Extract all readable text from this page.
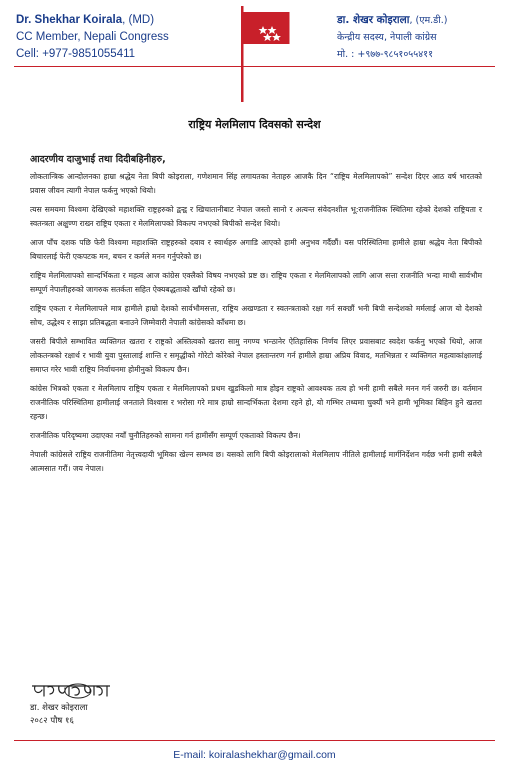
Dr. Shekhar Koirala, (MD)
CC Member, Nepali Congress
Cell: +977-9851055411
डा. शेखर कोइराला, (एम.डी.)
केन्द्रीय सदस्य, नेपाली कांग्रेस
मो. : +९७७-९८५१०५५४११
राष्ट्रिय मेलमिलाप दिवसको सन्देश

आदरणीय दाजुभाई तथा दिदीबहिनीहरु,

लोकतान्त्रिक आन्दोलनका हाम्रा श्रद्धेय नेता बिपी कोइराला, गणेशमान सिंह लगायतका नेताहरु आजकै दिन “राष्ट्रिय मेलमिलापको” सन्देश दिएर आठ वर्ष भारतको प्रवास जीवन त्यागी नेपाल फर्कनु भएको थियो।

त्यस समयमा विश्वमा देखिएको महाशक्ति राष्ट्रहरुको द्वन्द्व र खिचातानीबाट नेपाल जस्तो सानो र अत्यन्त संवेदनशील भू:राजनीतिक स्थितिमा रहेको देशको राष्ट्रियता र स्वतन्त्रता अक्षुण्ण राख्न राष्ट्रिय एकता र मेलमिलापको विकल्प नभएको बिपीको सन्देश थियो।

आज पाँच दशक पछि फेरी विश्वमा महाशक्ति राष्ट्रहरुको दबाव र स्वार्थहरु अगाडि आएको हामी अनुभव गर्दैछौं। यस परिस्थितिमा हामीले हाम्रा श्रद्धेय नेता बिपीको बिचारलाई फेरी एकपटक मन, बचन र कर्मले मनन गर्नुपरेको छ।

राष्ट्रिय मेलमिलापको सान्दर्भिकता र महत्व आज कांग्रेस एक्लैको विषय नभएको प्रष्ट छ। राष्ट्रिय एकता र मेलमिलापको लागि आज सत्ता राजनीति भन्दा माथी सार्वभौम सम्पूर्ण नेपालीहरुको जागरुक सतर्कता सहित ऐक्यबद्धताको खाँचो रहेको छ।

राष्ट्रिय एकता र मेलमिलापले मात्र हामीले हाम्रो देशको सार्वभौमसत्ता, राष्ट्रिय अखण्डता र स्वतन्त्रताको रक्षा गर्न सक्छौं भनी बिपी सन्देशको मर्मलाई आज यो देशको सोच, उद्धेश्य र साझा प्रतिबद्धता बनाउने जिम्मेवारी नेपाली कांग्रेसको काँधमा छ।

जसरी बिपीले सम्भावित व्यक्तिगत खतरा र राष्ट्रको अस्तित्वको खतरा सामु नगण्य भन्ठानेर ऐतिहासिक निर्णय लिएर प्रवासबाट स्वदेश फर्कनु भएको थियो, आज लोकतन्त्रको रक्षार्थ र भावी युवा पुस्तालाई शान्ति र समृद्धीको गोरेटो कोरेको नेपाल हस्तान्तरण गर्न हामीले हाम्रा अप्रिय विवाद, मतभिन्नता र व्यक्तिगत महत्वाकांक्षालाई समाप्त गरेर भावी राष्ट्रिय निर्वाचनमा होमीनुको विकल्प छैन।

कांग्रेस भित्रको एकता र मेलमिलाप राष्ट्रिय एकता र मेलमिलापको प्रथम खुडकिलो मात्र होइन राष्ट्रको आवश्यक तत्व हो भनी हामी सबैले मनन गर्न जरुरी छ। वर्तमान राजनीतिक परिस्थितिमा हामीलाई जनताले विश्वास र भरोसा गरे मात्र हाम्रो सान्दर्भिकता देशमा रहने हो, यो गम्भिर तथ्यमा चुक्यौं भने हामी भूमिका बिहिन हुने खतरा रहन्छ।

राजनीतिक परिदृष्यमा उदाएका नयाँ चुनौतिहरुको सामना गर्न हामीसँग सम्पूर्ण एकताको विकल्प छैन।

नेपाली कांग्रेसले राष्ट्रिय राजनीतिमा नेतृत्त्वदायी भूमिका खेल्न सम्भव छ। यसको लागि बिपी कोइरालाको मेलमिलाप नीतिले हामीलाई मार्गनिर्देशन गर्दछ भनी हामी सबैले आत्मसात गरौं। जय नेपाल।

डा. शेखर कोइराला
२०८२ पौष १६
E-mail: koiralashekhar@gmail.com
